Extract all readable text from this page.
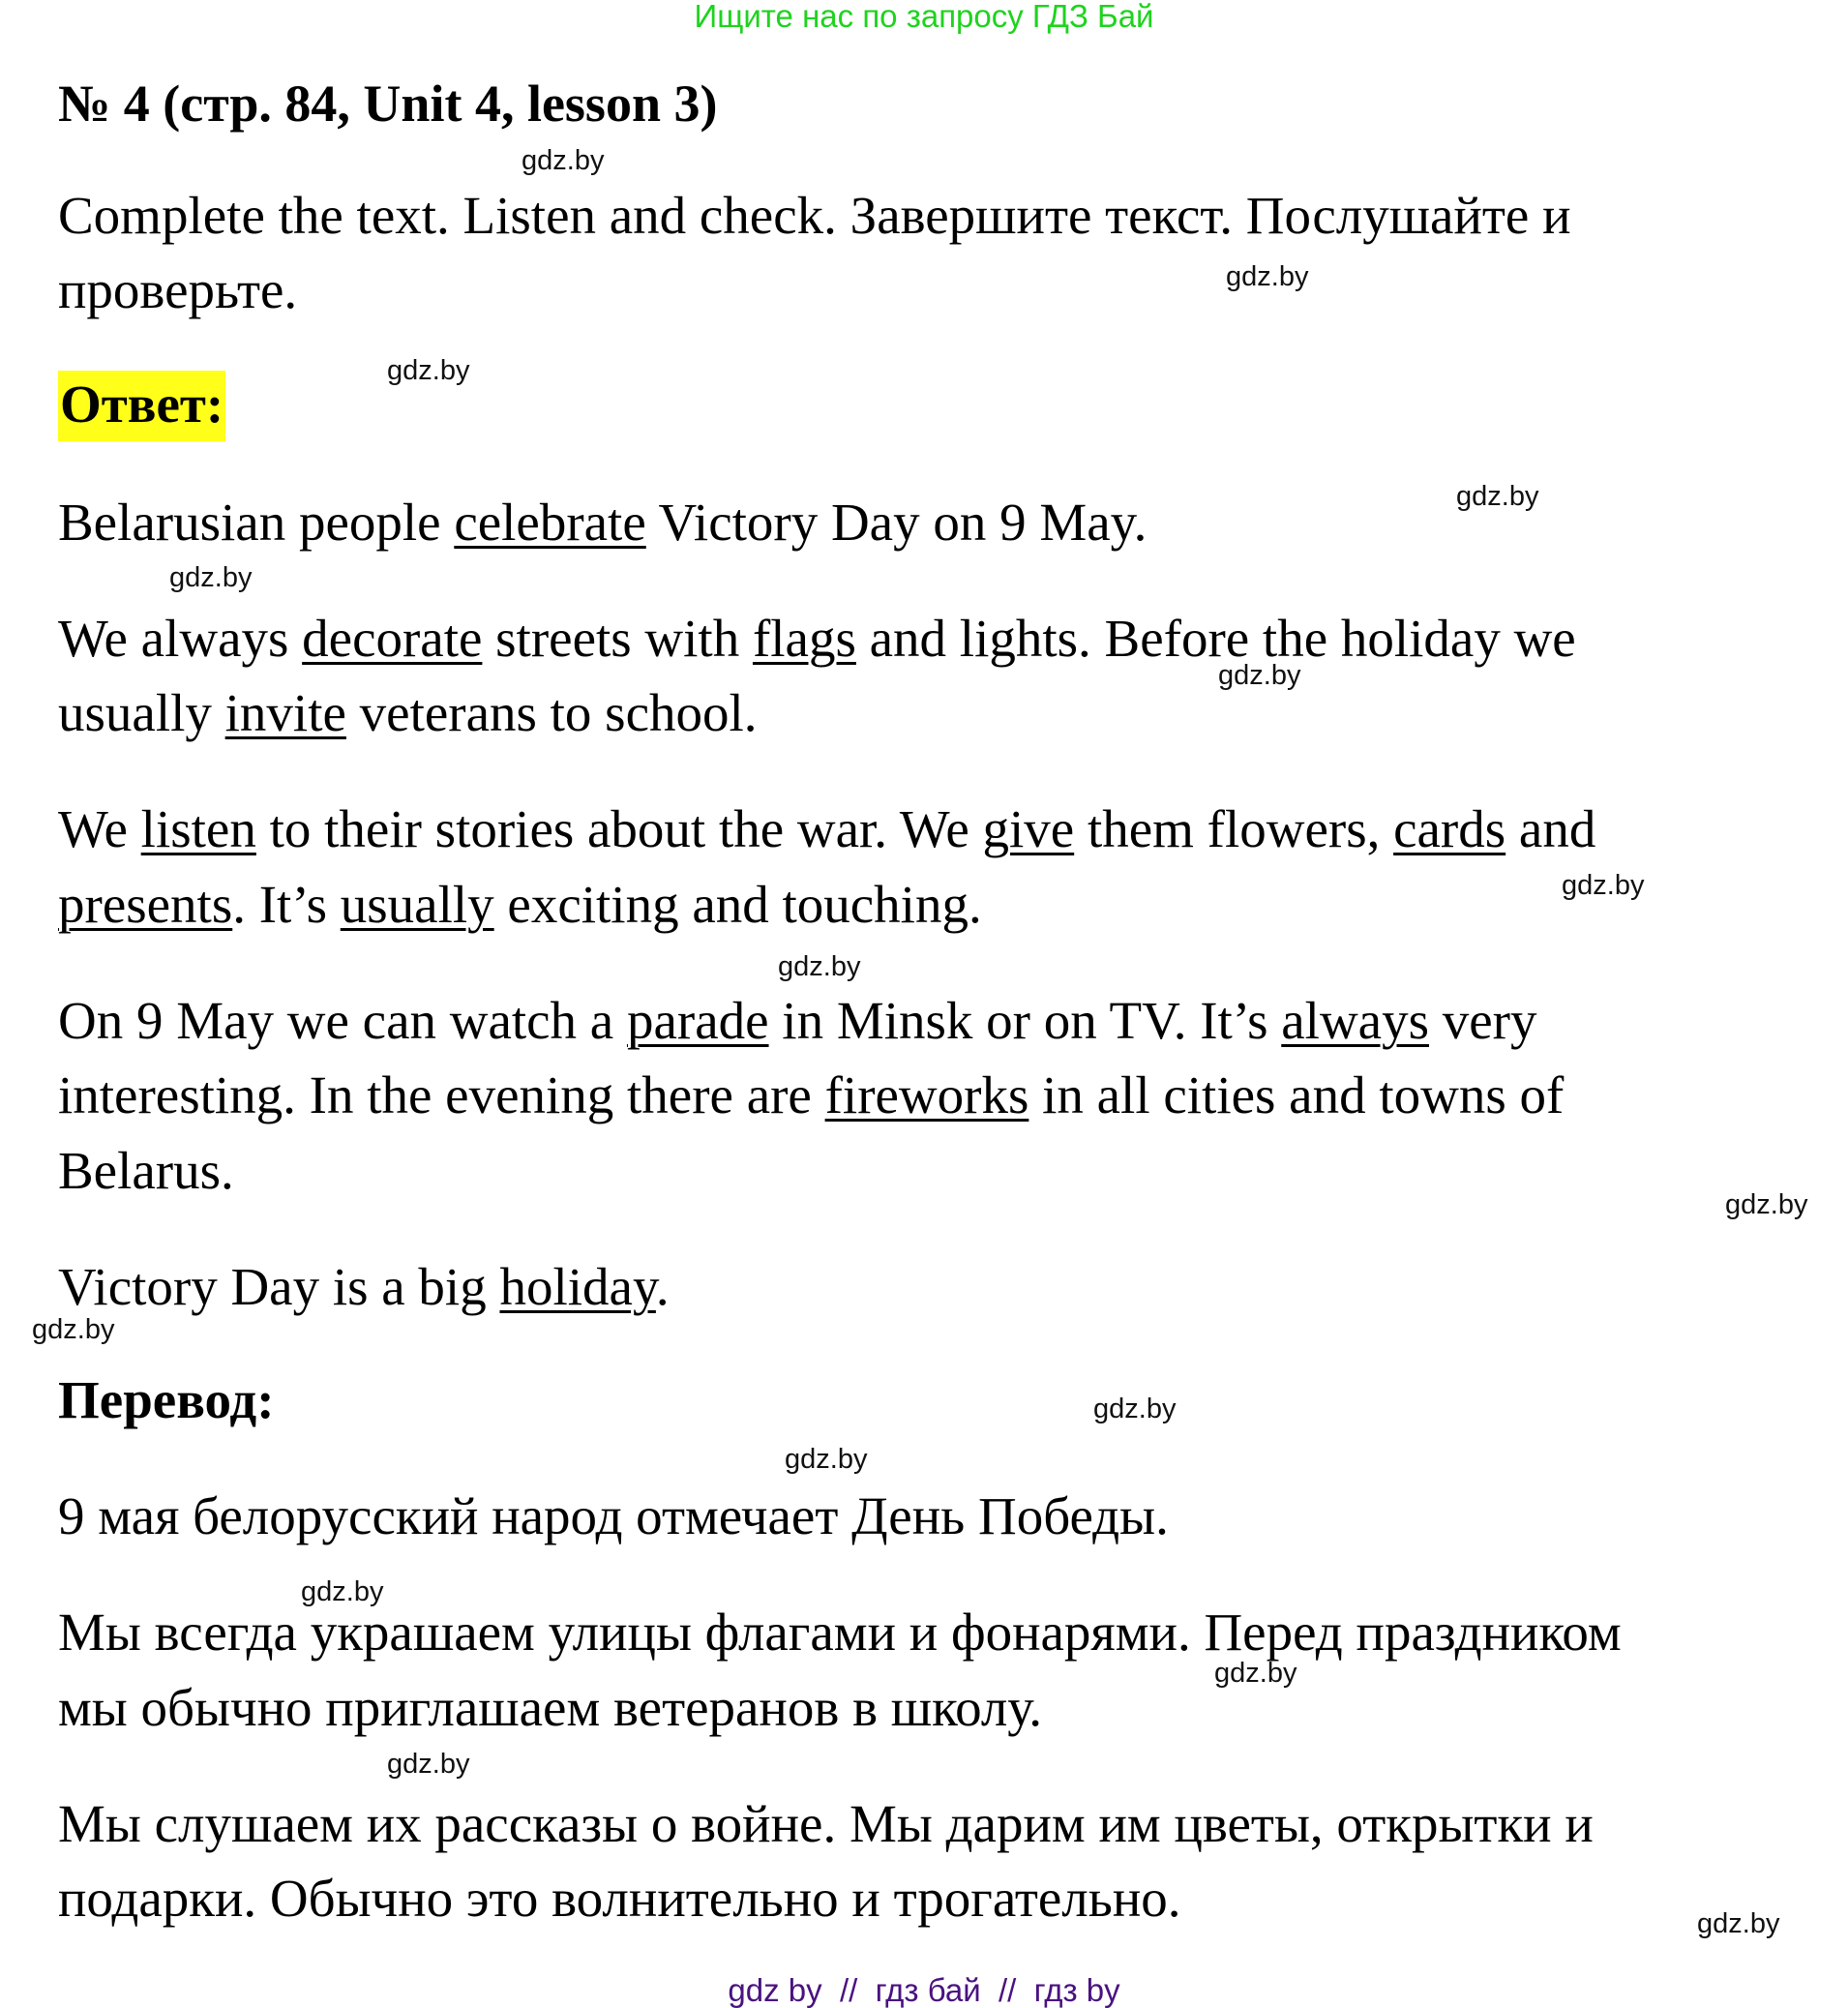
Ищите нас по запросу ГДЗ Бай
№ 4 (стр. 84, Unit 4, lesson 3)
Complete the text. Listen and check. Завершите текст. Послушайте и
проверьте.
Ответ:
Belarusian people celebrate Victory Day on 9 May.
We always decorate streets with flags and lights. Before the holiday we
usually invite veterans to school.
We listen to their stories about the war. We give them flowers, cards and
presents. It’s usually exciting and touching.
On 9 May we can watch a parade in Minsk or on TV. It’s always very
interesting. In the evening there are fireworks in all cities and towns of
Belarus.
Victory Day is a big holiday.
Перевод:
9 мая белорусский народ отмечает День Победы.
Мы всегда украшаем улицы флагами и фонарями. Перед праздником
мы обычно приглашаем ветеранов в школу.
Мы слушаем их рассказы о войне. Мы дарим им цветы, открытки и
подарки. Обычно это волнительно и трогательно.
gdz.by
gdz.by
gdz.by
gdz.by
gdz.by
gdz.by
gdz.by
gdz.by
gdz.by
gdz.by
gdz.by
gdz.by
gdz.by
gdz.by
gdz.by
gdz.by
gdz by  //  гдз бай  //  гдз by
